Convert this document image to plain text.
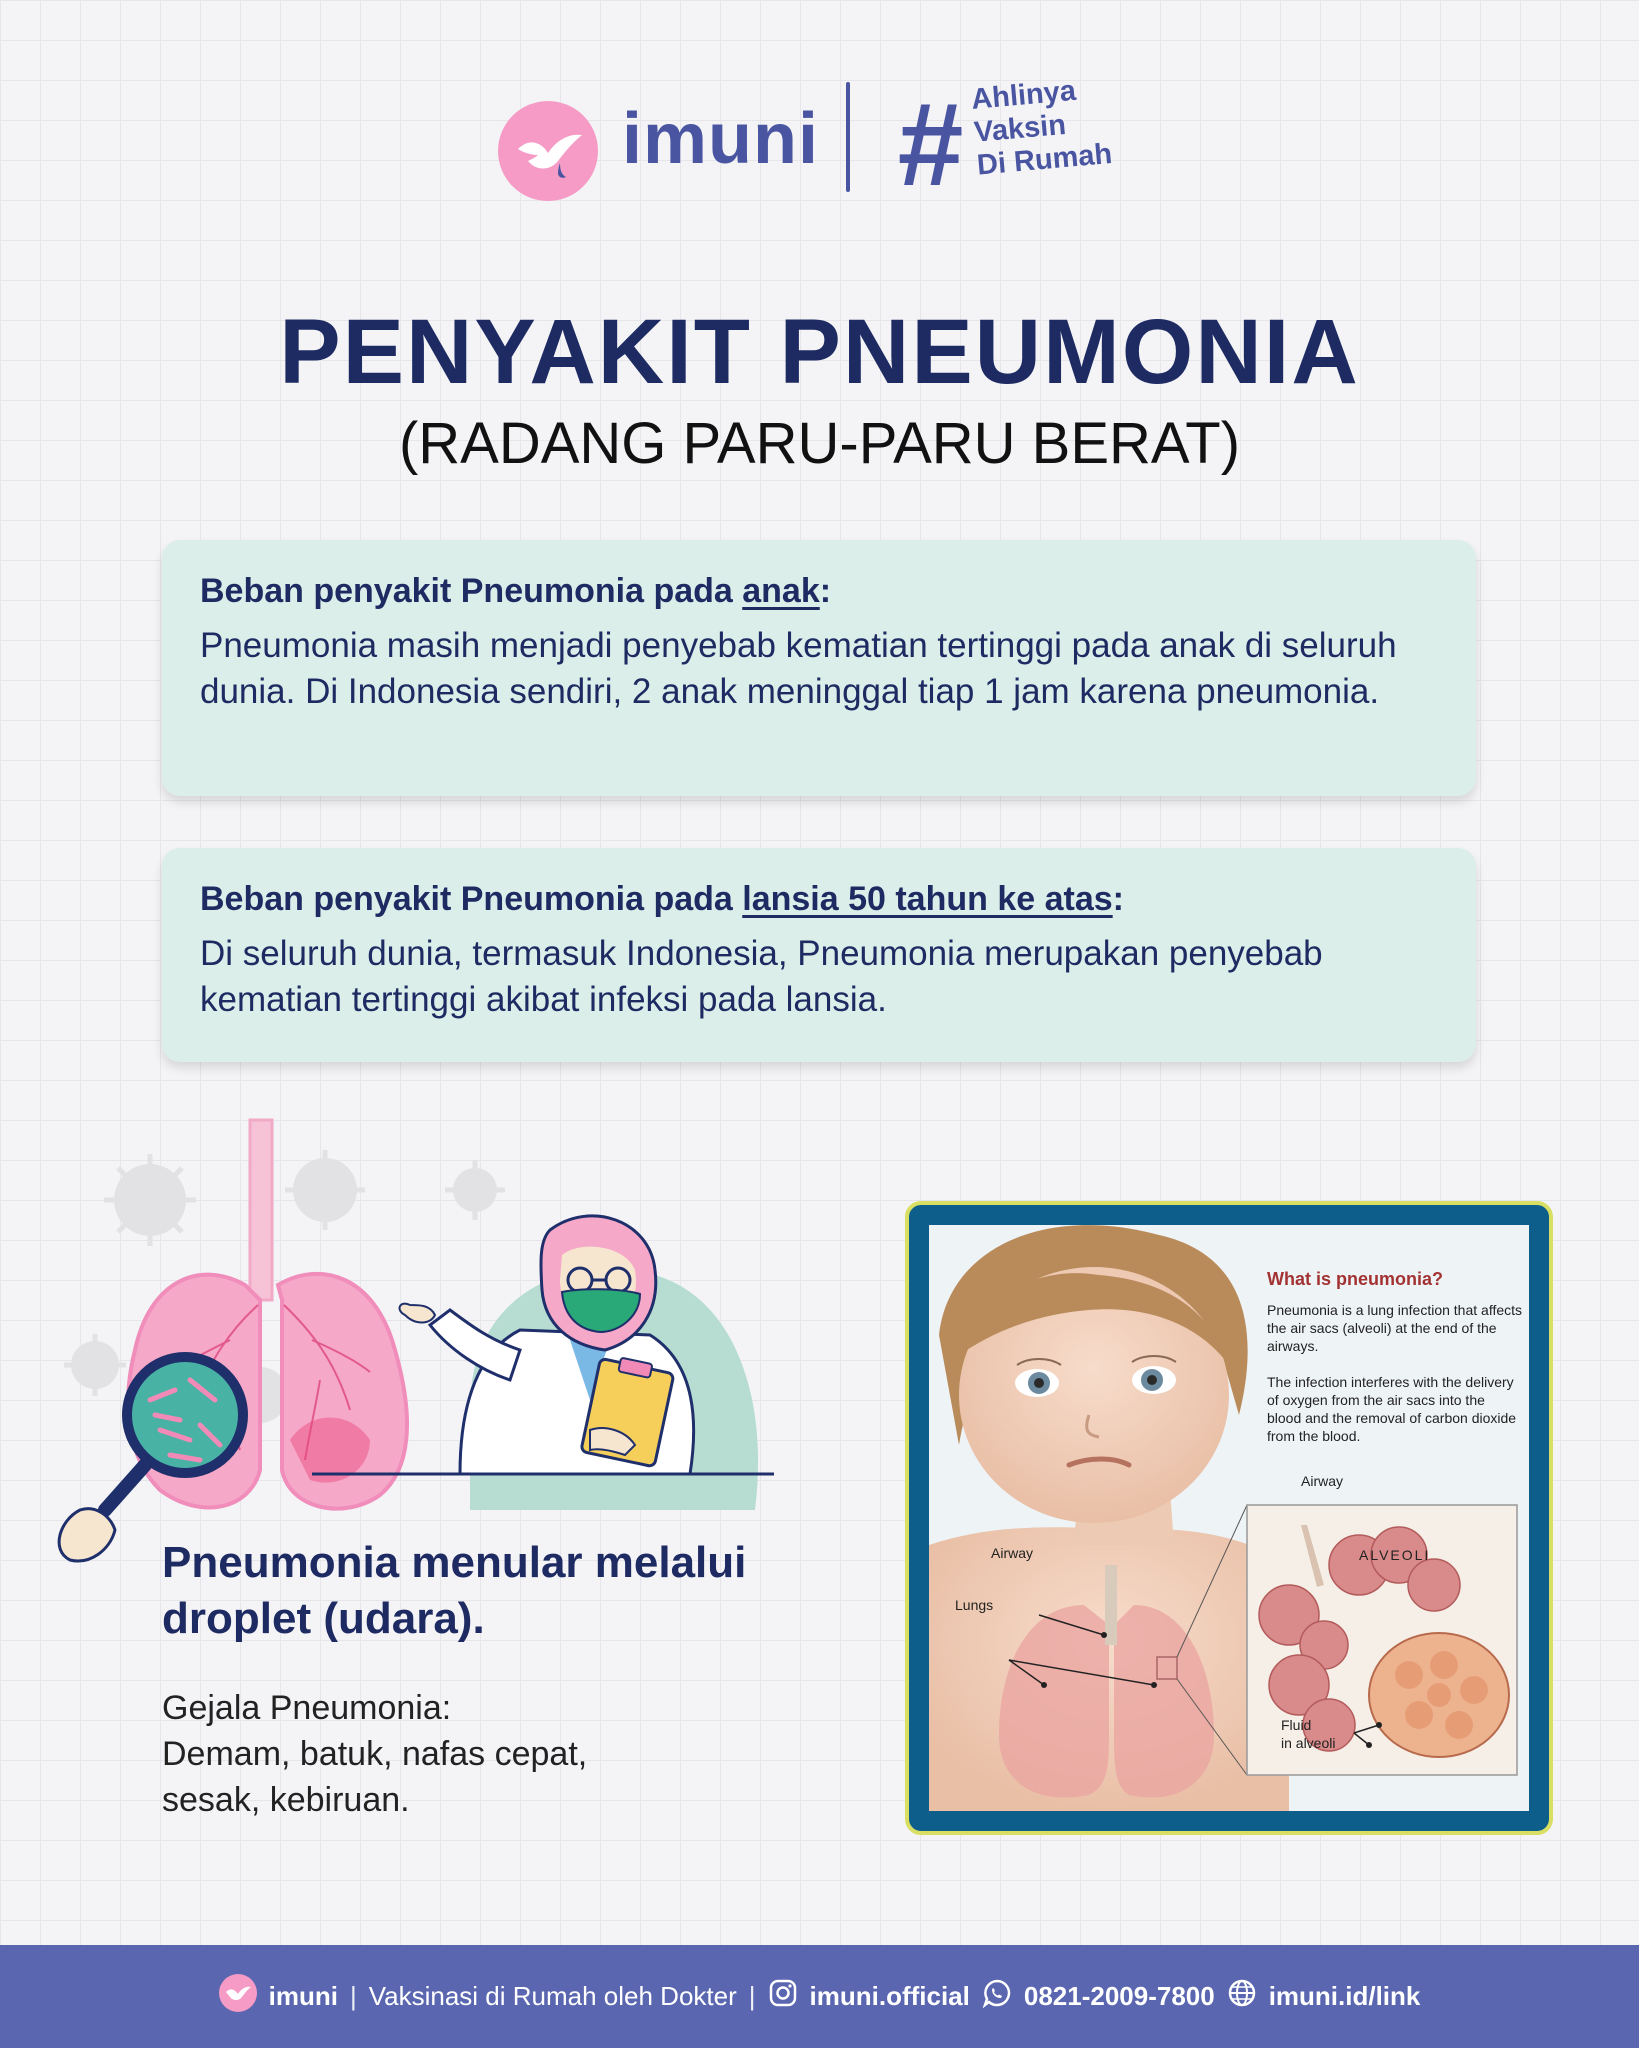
imuni # Ahlinya
Vaksin
Di Rumah
PENYAKIT PNEUMONIA
(RADANG PARU-PARU BERAT)
Beban penyakit Pneumonia pada anak:
Pneumonia masih menjadi penyebab kematian tertinggi pada anak di seluruh dunia. Di Indonesia sendiri, 2 anak meninggal tiap 1 jam karena pneumonia.
Beban penyakit Pneumonia pada lansia 50 tahun ke atas:
Di seluruh dunia, termasuk Indonesia, Pneumonia merupakan penyebab kematian tertinggi akibat infeksi pada lansia.
Pneumonia menular melalui droplet (udara).
Gejala Pneumonia:
Demam, batuk, nafas cepat,
sesak, kebiruan.
What is pneumonia?
Pneumonia is a lung infection that affects the air sacs (alveoli) at the end of the airways.
The infection interferes with the delivery of oxygen from the air sacs into the blood and the removal of carbon dioxide from the blood.
Airway
ALVEOLI
Airway
Lungs
Fluid
in alveoli
imuni | Vaksinasi di Rumah oleh Dokter | imuni.official 0821-2009-7800 imuni.id/link
